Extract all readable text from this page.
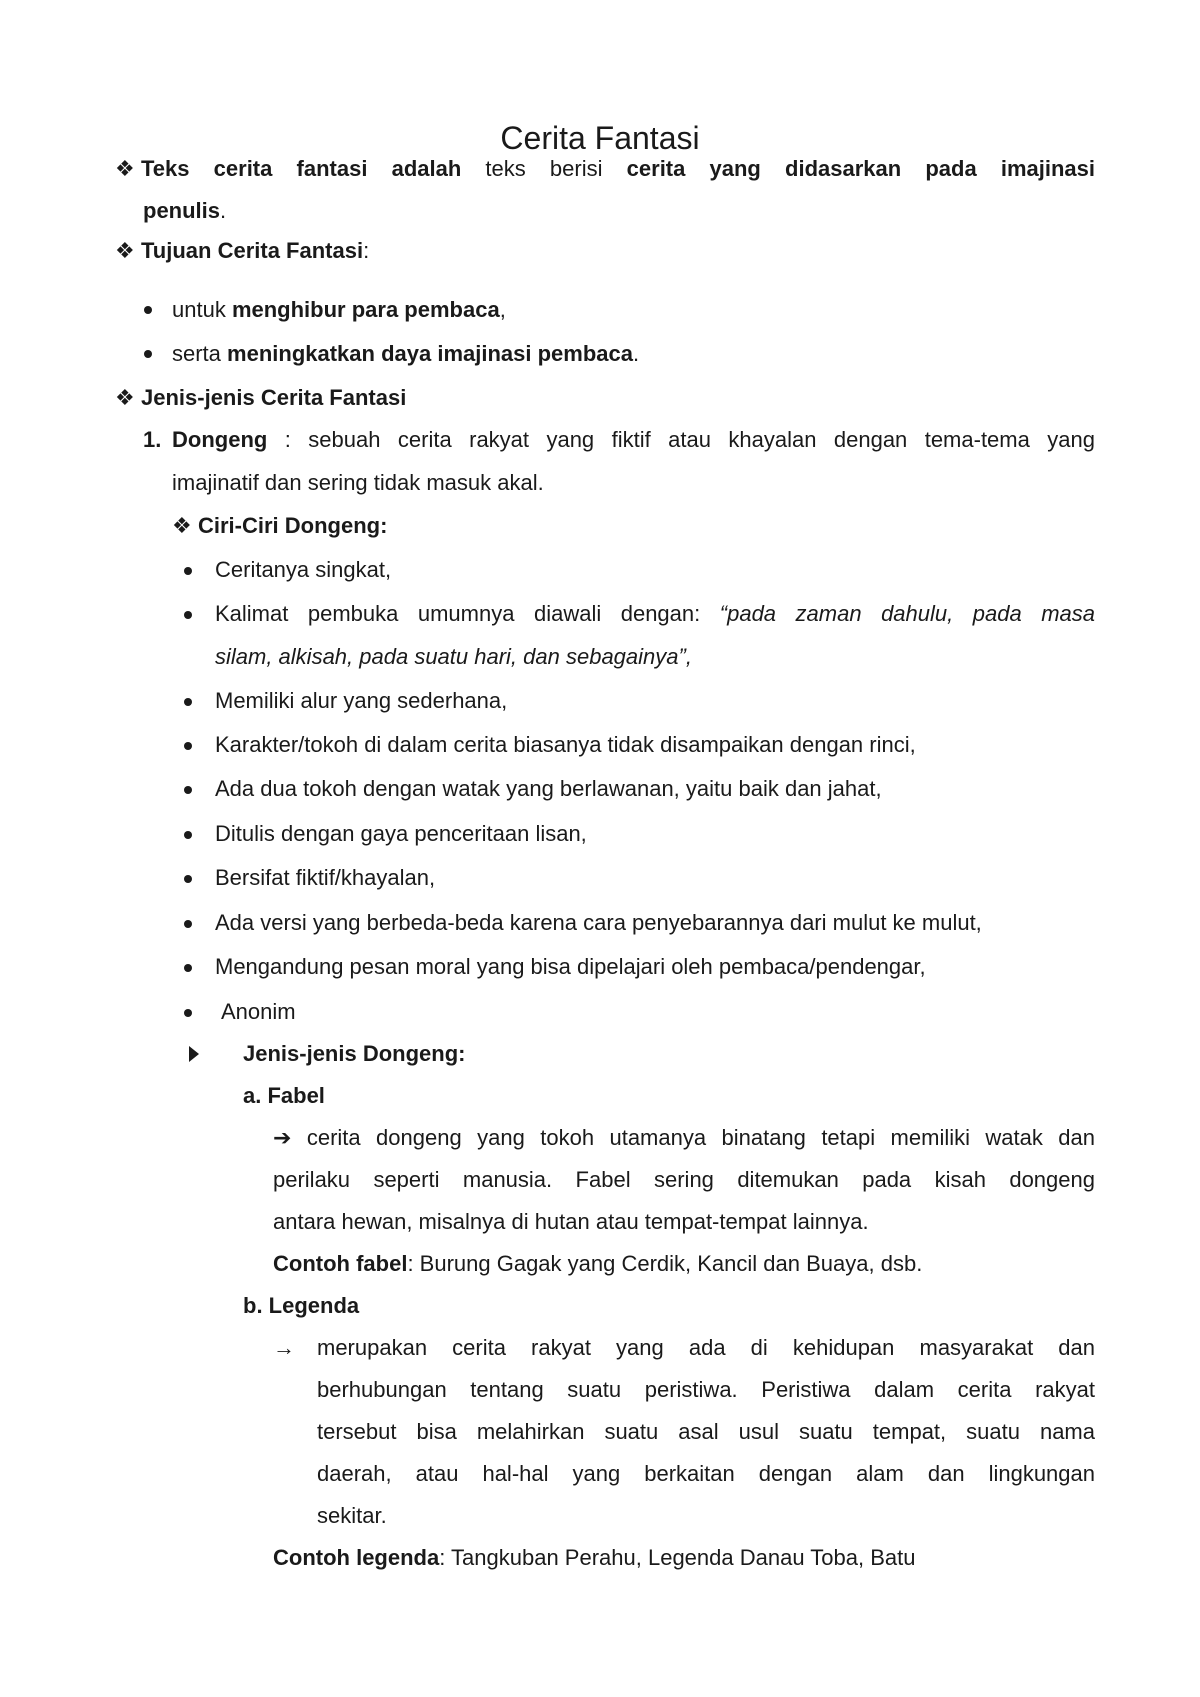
Cerita Fantasi
❖ Teks cerita fantasi adalah teks berisi cerita yang didasarkan pada imajinasi
penulis.
❖ Tujuan Cerita Fantasi:
untuk menghibur para pembaca,
serta meningkatkan daya imajinasi pembaca.
❖ Jenis-jenis Cerita Fantasi
1. Dongeng : sebuah cerita rakyat yang fiktif atau khayalan dengan tema-tema yang
imajinatif dan sering tidak masuk akal.
❖ Ciri-Ciri Dongeng:
Ceritanya singkat,
Kalimat pembuka umumnya diawali dengan: “pada zaman dahulu, pada masa
silam, alkisah, pada suatu hari, dan sebagainya”,
Memiliki alur yang sederhana,
Karakter/tokoh di dalam cerita biasanya tidak disampaikan dengan rinci,
Ada dua tokoh dengan watak yang berlawanan, yaitu baik dan jahat,
Ditulis dengan gaya penceritaan lisan,
Bersifat fiktif/khayalan,
Ada versi yang berbeda-beda karena cara penyebarannya dari mulut ke mulut,
Mengandung pesan moral yang bisa dipelajari oleh pembaca/pendengar,
Anonim
Jenis-jenis Dongeng:
a. Fabel
➔ cerita dongeng yang tokoh utamanya binatang tetapi memiliki watak dan
perilaku seperti manusia. Fabel sering ditemukan pada kisah dongeng
antara hewan, misalnya di hutan atau tempat-tempat lainnya.
Contoh fabel: Burung Gagak yang Cerdik, Kancil dan Buaya, dsb.
b. Legenda
→ merupakan cerita rakyat yang ada di kehidupan masyarakat dan
berhubungan tentang suatu peristiwa. Peristiwa dalam cerita rakyat
tersebut bisa melahirkan suatu asal usul suatu tempat, suatu nama
daerah, atau hal-hal yang berkaitan dengan alam dan lingkungan
sekitar.
Contoh legenda: Tangkuban Perahu, Legenda Danau Toba, Batu
